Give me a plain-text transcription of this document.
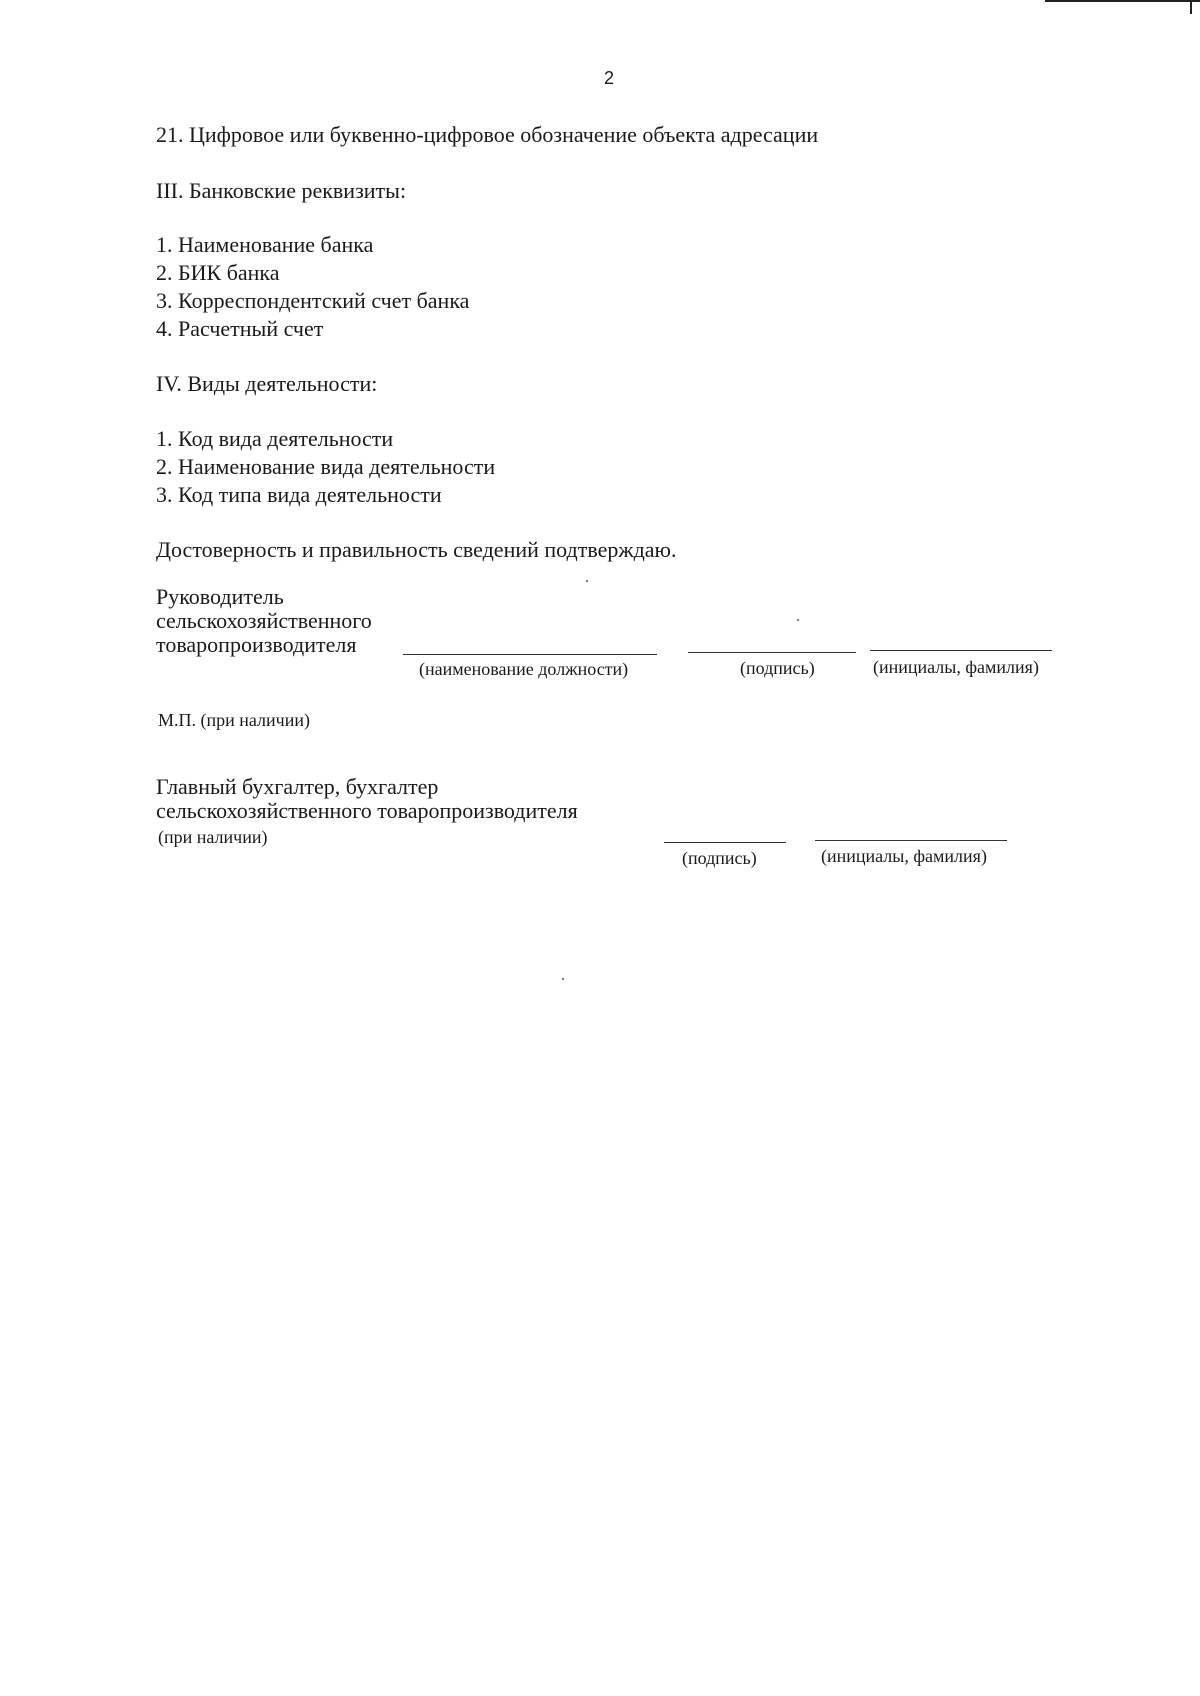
2
21. Цифровое или буквенно-цифровое обозначение объекта адресации
III. Банковские реквизиты:
1. Наименование банка
2. БИК банка
3. Корреспондентский счет банка
4. Расчетный счет
IV. Виды деятельности:
1. Код вида деятельности
2. Наименование вида деятельности
3. Код типа вида деятельности
Достоверность и правильность сведений подтверждаю.
Руководитель
сельскохозяйственного
товаропроизводителя
(наименование должности)	(подпись)	(инициалы, фамилия)
М.П. (при наличии)
Главный бухгалтер, бухгалтер
сельскохозяйственного товаропроизводителя
(при наличии)
(подпись)	(инициалы, фамилия)
